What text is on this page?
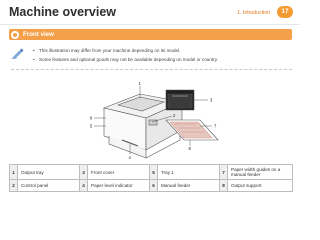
Machine overview	1. Introduction	17
Front view
• This illustration may differ from your machine depending on its model.
• Some features and optional goods may not be available depending on model or country.
1
2
6
5
4
3
7
8
1	Output tray	3	Front cover	5	Tray 1	7	Paper width guides on a manual feeder
2	Control panel	4	Paper level indicator	6	Manual feeder	8	Output support
